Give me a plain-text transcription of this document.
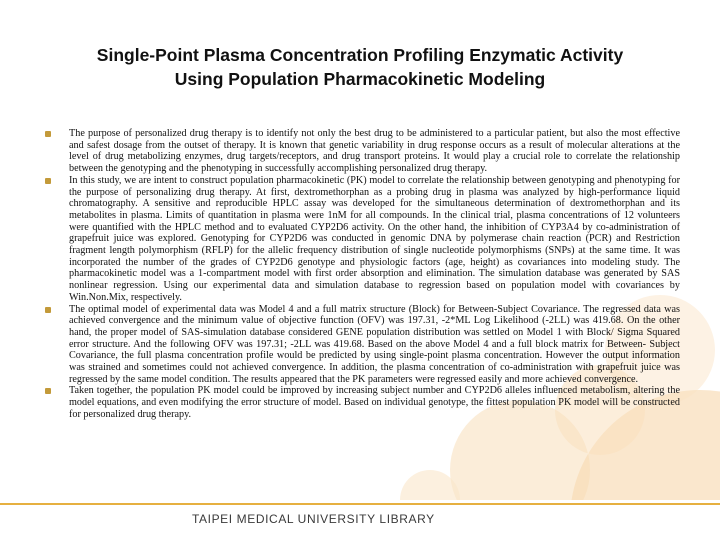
Single-Point Plasma Concentration Profiling Enzymatic Activity
Using Population Pharmacokinetic Modeling
The purpose of personalized drug therapy is to identify not only the best drug to be administered to a particular patient, but also the most effective and safest dosage from the outset of therapy. It is known that genetic variability in drug response occurs as a result of molecular alterations at the level of drug metabolizing enzymes, drug targets/receptors, and drug transport proteins. It would play a crucial role to correlate the relationship between the genotyping and the phenotyping in successfully accomplishing personalized drug therapy.
In this study, we are intent to construct population pharmacokinetic (PK) model to correlate the relationship between genotyping and phenotyping for the purpose of personalizing drug therapy. At first, dextromethorphan as a probing drug in plasma was analyzed by high-performance liquid chromatography. A sensitive and reproducible HPLC assay was developed for the simultaneous determination of dextromethorphan and its metabolites in plasma. Limits of quantitation in plasma were 1nM for all compounds. In the clinical trial, plasma concentrations of 12 volunteers were quantified with the HPLC method and to evaluated CYP2D6 activity. On the other hand, the inhibition of CYP3A4 by co-administration of grapefruit juice was explored. Genotyping for CYP2D6 was conducted in genomic DNA by polymerase chain reaction (PCR) and Restriction fragment length polymorphism (RFLP) for the allelic frequency distribution of single nucleotide polymorphisms (SNPs) at the same time. It was incorporated the number of the grades of CYP2D6 genotype and physiologic factors (age, height) as covariances into modeling study. The pharmacokinetic model was a 1-compartment model with first order absorption and elimination. The simulation database was generated by SAS nonlinear regression. Using our experimental data and simulation database to regression based on population model with covariances by Win.Non.Mix, respectively.
The optimal model of experimental data was Model 4 and a full matrix structure (Block) for Between-Subject Covariance. The regressed data was achieved convergence and the minimum value of objective function (OFV) was 197.31, -2*ML Log Likelihood (-2LL) was 419.68. On the other hand, the proper model of SAS-simulation database considered GENE population distribution was settled on Model 1 with Block/ Sigma Squared error structure. And the following OFV was 197.31; -2LL was 419.68. Based on the above Model 4 and a full block matrix for Between- Subject Covariance, the full plasma concentration profile would be predicted by using single-point plasma concentration. However the output information was strained and sometimes could not achieved convergence. In addition, the plasma concentration of co-administration with grapefruit juice was regressed by the same model condition. The results appeared that the PK parameters were regressed easily and more achieved convergence.
Taken together, the population PK model could be improved by increasing subject number and CYP2D6 alleles influenced metabolism, altering the model equations, and even modifying the error structure of model. Based on individual genotype, the fittest population PK model will be constructed for personalized drug therapy.
TAIPEI MEDICAL UNIVERSITY LIBRARY
